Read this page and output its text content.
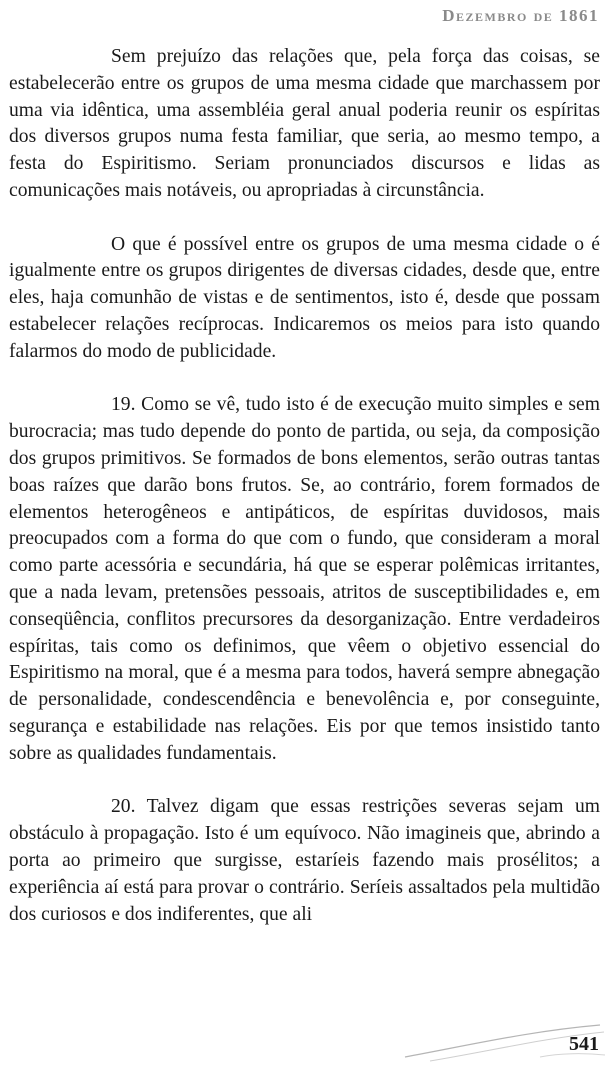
Dezembro de 1861

Sem prejuízo das relações que, pela força das coisas, se estabelecerão entre os grupos de uma mesma cidade que marchassem por uma via idêntica, uma assembléia geral anual poderia reunir os espíritas dos diversos grupos numa festa familiar, que seria, ao mesmo tempo, a festa do Espiritismo. Seriam pronunciados discursos e lidas as comunicações mais notáveis, ou apropriadas à circunstância.

O que é possível entre os grupos de uma mesma cidade o é igualmente entre os grupos dirigentes de diversas cidades, desde que, entre eles, haja comunhão de vistas e de sentimentos, isto é, desde que possam estabelecer relações recíprocas. Indicaremos os meios para isto quando falarmos do modo de publicidade.

19. Como se vê, tudo isto é de execução muito simples e sem burocracia; mas tudo depende do ponto de partida, ou seja, da composição dos grupos primitivos. Se formados de bons elementos, serão outras tantas boas raízes que darão bons frutos. Se, ao contrário, forem formados de elementos heterogêneos e antipáticos, de espíritas duvidosos, mais preocupados com a forma do que com o fundo, que consideram a moral como parte acessória e secundária, há que se esperar polêmicas irritantes, que a nada levam, pretensões pessoais, atritos de susceptibilidades e, em conseqüência, conflitos precursores da desorganização. Entre verdadeiros espíritas, tais como os definimos, que vêem o objetivo essencial do Espiritismo na moral, que é a mesma para todos, haverá sempre abnegação de personalidade, condescendência e benevolência e, por conseguinte, segurança e estabilidade nas relações. Eis por que temos insistido tanto sobre as qualidades fundamentais.

20. Talvez digam que essas restrições severas sejam um obstáculo à propagação. Isto é um equívoco. Não imagineis que, abrindo a porta ao primeiro que surgisse, estaríeis fazendo mais prosélitos; a experiência aí está para provar o contrário. Seríeis assaltados pela multidão dos curiosos e dos indiferentes, que ali

541
